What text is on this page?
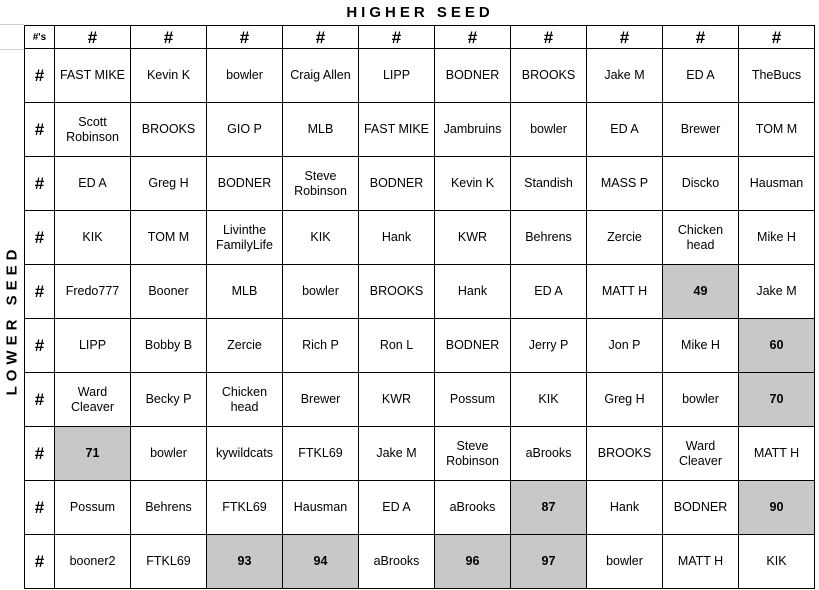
HIGHER SEED
LOWER SEED
#'s	#	#	#	#	#	#	#	#	#	#
#	FAST MIKE	Kevin K	bowler	Craig Allen	LIPP	BODNER	BROOKS	Jake M	ED A	TheBucs
#	Scott Robinson	BROOKS	GIO P	MLB	FAST MIKE	Jambruins	bowler	ED A	Brewer	TOM M
#	ED A	Greg H	BODNER	Steve Robinson	BODNER	Kevin K	Standish	MASS P	Discko	Hausman
#	KIK	TOM M	Livinthe FamilyLife	KIK	Hank	KWR	Behrens	Zercie	Chicken head	Mike H
#	Fredo777	Booner	MLB	bowler	BROOKS	Hank	ED A	MATT H	49	Jake M
#	LIPP	Bobby B	Zercie	Rich P	Ron L	BODNER	Jerry P	Jon P	Mike H	60
#	Ward Cleaver	Becky P	Chicken head	Brewer	KWR	Possum	KIK	Greg H	bowler	70
#	71	bowler	kywildcats	FTKL69	Jake M	Steve Robinson	aBrooks	BROOKS	Ward Cleaver	MATT H
#	Possum	Behrens	FTKL69	Hausman	ED A	aBrooks	87	Hank	BODNER	90
#	booner2	FTKL69	93	94	aBrooks	96	97	bowler	MATT H	KIK
